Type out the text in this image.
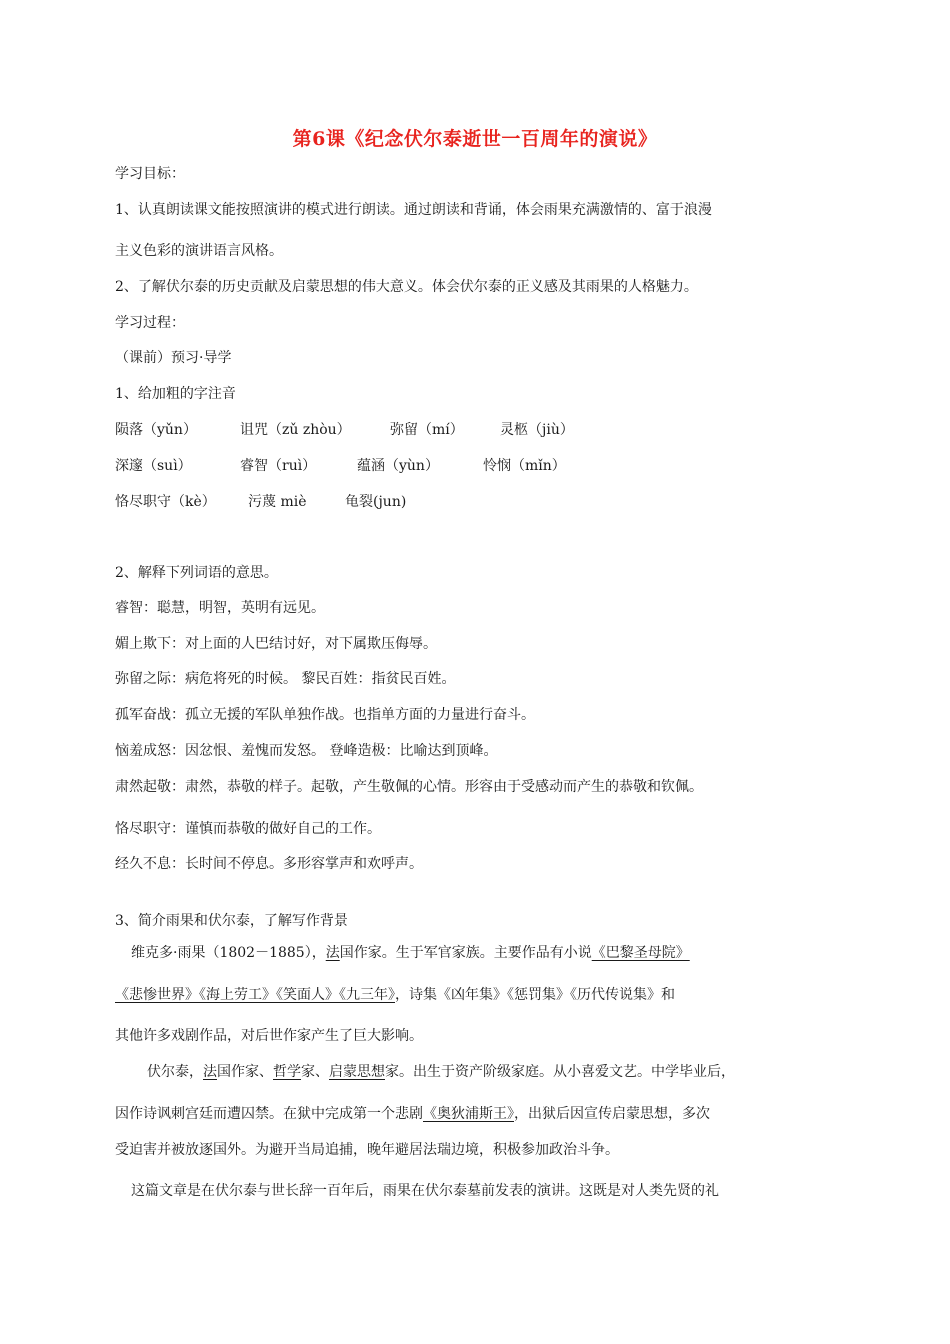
第6课《纪念伏尔泰逝世一百周年的演说》
学习目标：
1、认真朗读课文能按照演讲的模式进行朗读。通过朗读和背诵，体会雨果充满激情的、富于浪漫
主义色彩的演讲语言风格。
2、了解伏尔泰的历史贡献及启蒙思想的伟大意义。体会伏尔泰的正义感及其雨果的人格魅力。
学习过程：
（课前）预习·导学
1、给加粗的字注音
陨落（yǔn）	诅咒（zǔ zhòu）	弥留（mí）	灵柩（jiù）
深邃（suì）	睿智（ruì）	蕴涵（yùn）	怜悯（mǐn）
恪尽职守（kè） 污蔑 miè	龟裂(jun)
2、解释下列词语的意思。
睿智：聪慧，明智，英明有远见。
媚上欺下：对上面的人巴结讨好，对下属欺压侮辱。
弥留之际：病危将死的时候。 黎民百姓：指贫民百姓。
孤军奋战：孤立无援的军队单独作战。也指单方面的力量进行奋斗。
恼羞成怒：因忿恨、羞愧而发怒。 登峰造极：比喻达到顶峰。
肃然起敬：肃然，恭敬的样子。起敬，产生敬佩的心情。形容由于受感动而产生的恭敬和钦佩。
恪尽职守：谨慎而恭敬的做好自己的工作。
经久不息：长时间不停息。多形容掌声和欢呼声。
3、简介雨果和伏尔泰，了解写作背景
维克多·雨果（1802－1885），法国作家。生于军官家族。主要作品有小说《巴黎圣母院》
《悲惨世界》《海上劳工》《笑面人》《九三年》，诗集《凶年集》《惩罚集》《历代传说集》和
其他许多戏剧作品，对后世作家产生了巨大影响。
伏尔泰，法国作家、哲学家、启蒙思想家。出生于资产阶级家庭。从小喜爱文艺。中学毕业后，
因作诗讽刺宫廷而遭囚禁。在狱中完成第一个悲剧《奥狄浦斯王》，出狱后因宣传启蒙思想，多次
受迫害并被放逐国外。为避开当局追捕，晚年避居法瑞边境，积极参加政治斗争。
这篇文章是在伏尔泰与世长辞一百年后，雨果在伏尔泰墓前发表的演讲。这既是对人类先贤的礼
